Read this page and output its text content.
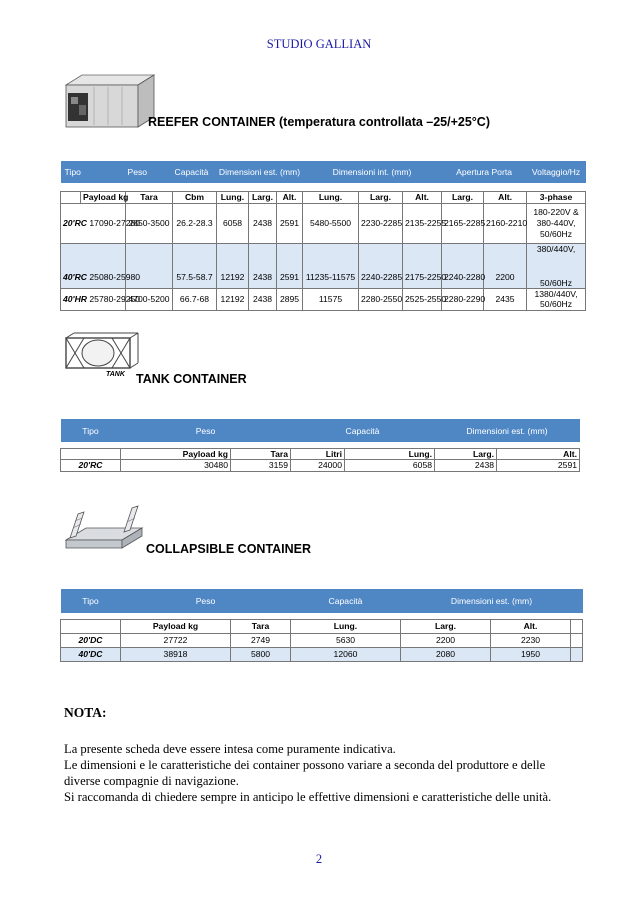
STUDIO GALLIAN
REEFER CONTAINER (temperatura controllata –25/+25°C)
Tipo		Peso	Capacità	Dimensioni est. (mm)			Dimensioni int. (mm)			Apertura Porta		Voltaggio/Hz

	Payload kg	Tara	Cbm	Lung.	Larg.	Alt.	Lung.	Larg.	Alt.	Larg.	Alt.	3-phase
20'RC 17090-27280		2850-3500	26.2-28.3	6058	2438	2591	5480-5500	2230-2285	2135-2255	2165-2285	2160-2210	180-220V &
380-440V,
50/60Hz
40'RC 25080-25980			57.5-58.7	12192	2438	2591	11235-11575	2240-2285	2175-2250	2240-2280	2200	380/440V,
50/60Hz

40'HR 25780-29250		4700-5200	66.7-68	12192	2438	2895	11575	2280-2550	2525-2550	2280-2290	2435	1380/440V,
50/60Hz
TANK TANK CONTAINER
Tipo	Peso		Capacità		Dimensioni est. (mm)	

	Payload kg	Tara	Litri	Lung.	Larg.	Alt.
20'RC	30480	3159	24000	6058	2438	2591
COLLAPSIBLE CONTAINER
Tipo	Peso		Capacità	Dimensioni est. (mm)		

	Payload kg	Tara	Lung.	Larg.	Alt.	
20'DC	27722	2749	5630	2200	2230	
40'DC	38918	5800	12060	2080	1950	
NOTA:

La presente scheda deve essere intesa come puramente indicativa.

Le dimensioni e le caratteristiche dei container possono variare a seconda del produttore e delle

diverse compagnie di navigazione.

Si raccomanda di chiedere sempre in anticipo le effettive dimensioni e caratteristiche delle unità.

2
